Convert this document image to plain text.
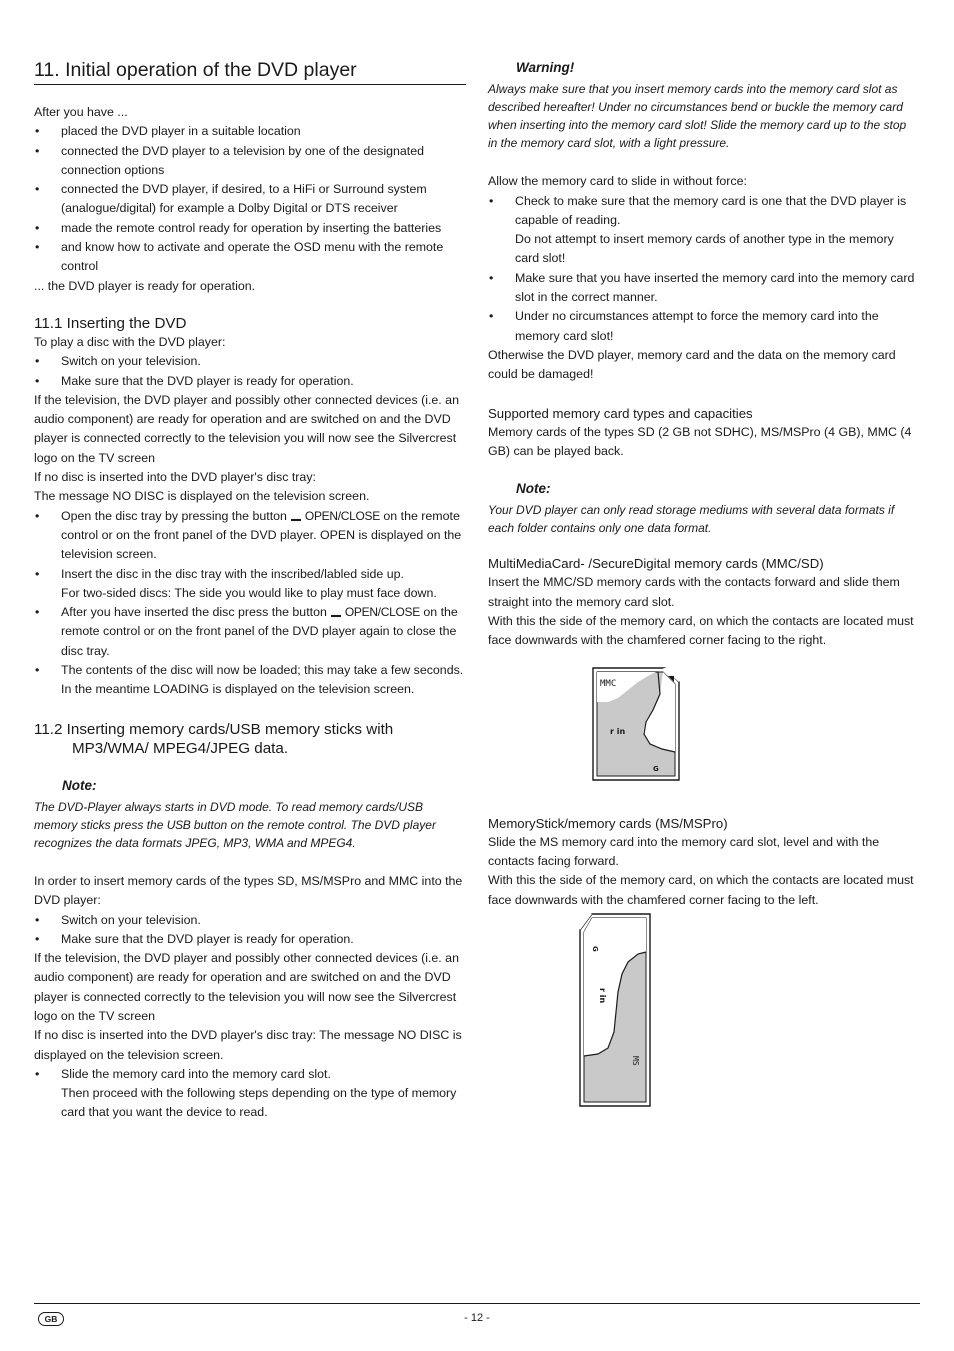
11. Initial operation of the DVD player

After you have ...

• placed the DVD player in a suitable location
• connected the DVD player to a television by one of the designated connection options
• connected the DVD player, if desired, to a HiFi or Surround system (analogue/digital) for example a Dolby Digital or DTS receiver
• made the remote control ready for operation by inserting the batteries
• and know how to activate and operate the OSD menu with the remote control

... the DVD player is ready for operation.

11.1 Inserting the DVD

To play a disc with the DVD player:

• Switch on your television.
• Make sure that the DVD player is ready for operation.

If the television, the DVD player and possibly other connected devices (i.e. an audio component) are ready for operation and are switched on and the DVD player is connected correctly to the television you will now see the Silvercrest logo on the TV screen

If no disc is inserted into the DVD player's disc tray:

The message NO DISC is displayed on the television screen.

• Open the disc tray by pressing the button OPEN/CLOSE on the remote control or on the front panel of the DVD player. OPEN is displayed on the television screen.
• Insert the disc in the disc tray with the inscribed/labled side up.
For two-sided discs: The side you would like to play must face down.
• After you have inserted the disc press the button OPEN/CLOSE on the remote control or on the front panel of the DVD player again to close the disc tray.
• The contents of the disc will now be loaded; this may take a few seconds.
In the meantime LOADING is displayed on the television screen.
11.2 Inserting memory cards/USB memory sticks with MP3/WMA/ MPEG4/JPEG data.

Note:

The DVD-Player always starts in DVD mode. To read memory cards/USB memory sticks press the USB button on the remote control. The DVD player recognizes the data formats JPEG, MP3, WMA and MPEG4.

In order to insert memory cards of the types SD, MS/MSPro and MMC into the DVD player:

• Switch on your television.
• Make sure that the DVD player is ready for operation.

If the television, the DVD player and possibly other connected devices (i.e. an audio component) are ready for operation and are switched on and the DVD player is connected correctly to the television you will now see the Silvercrest logo on the TV screen

If no disc is inserted into the DVD player's disc tray: The message NO DISC is displayed on the television screen.

• Slide the memory card into the memory card slot.
Then proceed with the following steps depending on the type of memory card that you want the device to read.

Warning!

Always make sure that you insert memory cards into the memory card slot as described hereafter! Under no circumstances bend or buckle the memory card when inserting into the memory card slot! Slide the memory card up to the stop in the memory card slot, with a light pressure.

Allow the memory card to slide in without force:

• Check to make sure that the memory card is one that the DVD player is capable of reading.
Do not attempt to insert memory cards of another type in the memory card slot!
• Make sure that you have inserted the memory card into the memory card slot in the correct manner.
• Under no circumstances attempt to force the memory card into the memory card slot!

Otherwise the DVD player, memory card and the data on the memory card could be damaged!

Supported memory card types and capacities

Memory cards of the types SD (2 GB not SDHC), MS/MSPro (4 GB), MMC (4 GB) can be played back.

Note:

Your DVD player can only read storage mediums with several data formats if each folder contains only one data format.

MultiMediaCard- /SecureDigital memory cards (MMC/SD)

Insert the MMC/SD memory cards with the contacts forward and slide them straight into the memory card slot.

With this the side of the memory card, on which the contacts are located must face downwards with the chamfered corner facing to the right.

MMC
r in
G
MemoryStick/memory cards (MS/MSPro)

Slide the MS memory card into the memory card slot, level and with the contacts facing forward.

With this the side of the memory card, on which the contacts are located must face downwards with the chamfered corner facing to the left.

G
r in
MS
GB	- 12 -
